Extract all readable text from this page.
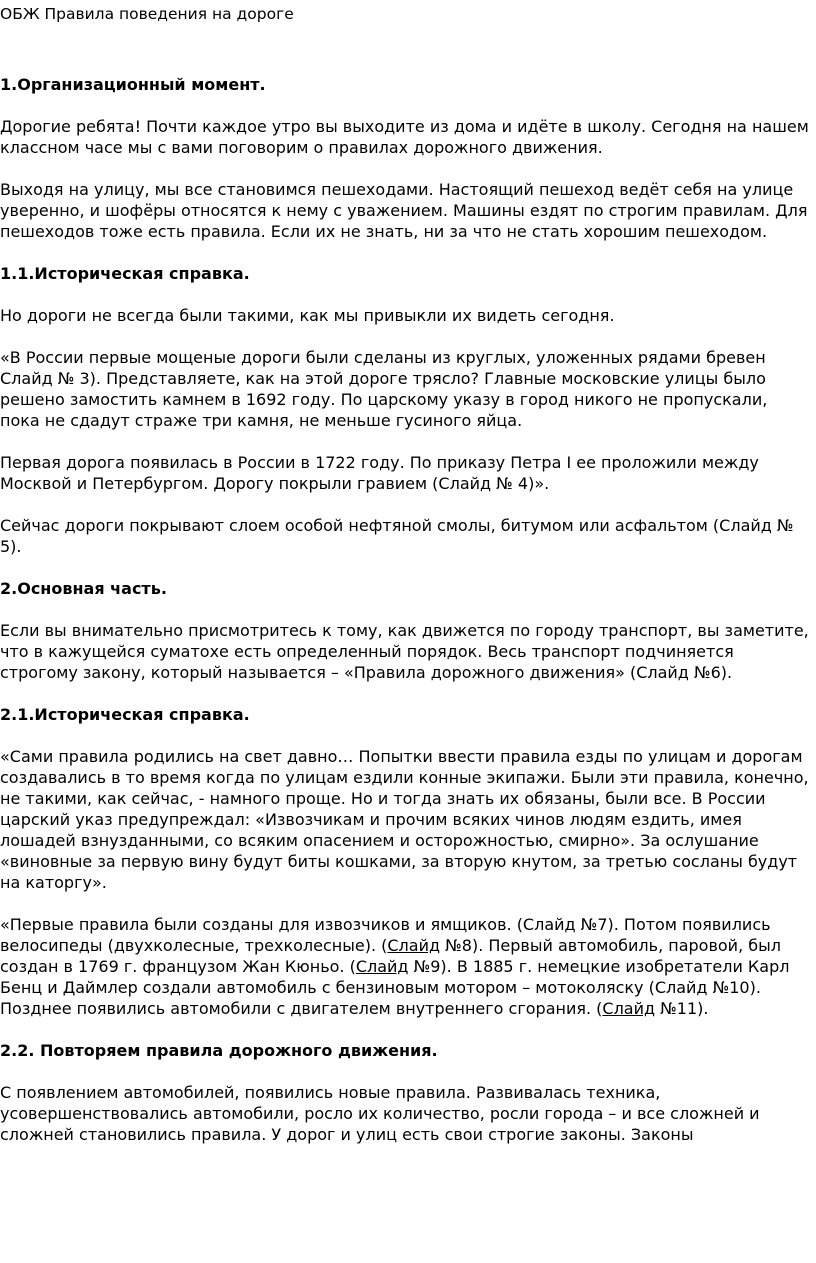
ОБЖ Правила поведения на дороге
1.Организационный момент.

Дорогие ребята! Почти каждое утро вы выходите из дома и идёте в школу. Сегодня на нашем классном часе мы с вами поговорим о правилах дорожного движения.

Выходя на улицу, мы все становимся пешеходами. Настоящий пешеход ведёт себя на улице уверенно, и шофёры относятся к нему с уважением. Машины ездят по строгим правилам. Для пешеходов тоже есть правила. Если их не знать, ни за что не стать хорошим пешеходом.

1.1.Историческая справка.

Но дороги не всегда были такими, как мы привыкли их видеть сегодня.

«В России первые мощеные дороги были сделаны из круглых, уложенных рядами бревен Слайд № 3). Представляете, как на этой дороге трясло? Главные московские улицы было решено замостить камнем в 1692 году. По царскому указу в город никого не пропускали, пока не сдадут страже три камня, не меньше гусиного яйца.

Первая дорога появилась в России в 1722 году. По приказу Петра I ее проложили между Москвой и Петербургом. Дорогу покрыли гравием (Слайд № 4)».

Сейчас дороги покрывают слоем особой нефтяной смолы, битумом или асфальтом (Слайд № 5).

2.Основная часть.

Если вы внимательно присмотритесь к тому, как движется по городу транспорт, вы заметите, что в кажущейся суматохе есть определенный порядок. Весь транспорт подчиняется строгому закону, который называется – «Правила дорожного движения» (Слайд №6).

2.1.Историческая справка.

«Сами правила родились на свет давно… Попытки ввести правила езды по улицам и дорогам создавались в то время когда по улицам ездили конные экипажи. Были эти правила, конечно, не такими, как сейчас, - намного проще. Но и тогда знать их обязаны, были все. В России царский указ предупреждал: «Извозчикам и прочим всяких чинов людям ездить, имея лошадей взнузданными, со всяким опасением и осторожностью, смирно». За ослушание «виновные за первую вину будут биты кошками, за вторую кнутом, за третью сосланы будут на каторгу».

«Первые правила были созданы для извозчиков и ямщиков. (Слайд №7). Потом появились велосипеды (двухколесные, трехколесные). (Слайд №8). Первый автомобиль, паровой, был создан в 1769 г. французом Жан Кюньо. (Слайд №9). В 1885 г. немецкие изобретатели Карл Бенц и Даймлер создали автомобиль с бензиновым мотором – мотоколяску (Слайд №10). Позднее появились автомобили с двигателем внутреннего сгорания. (Слайд №11).

2.2. Повторяем правила дорожного движения.

С появлением автомобилей, появились новые правила. Развивалась техника, усовершенствовались автомобили, росло их количество, росли города – и все сложней и сложней становились правила. У дорог и улиц есть свои строгие законы. Законы
